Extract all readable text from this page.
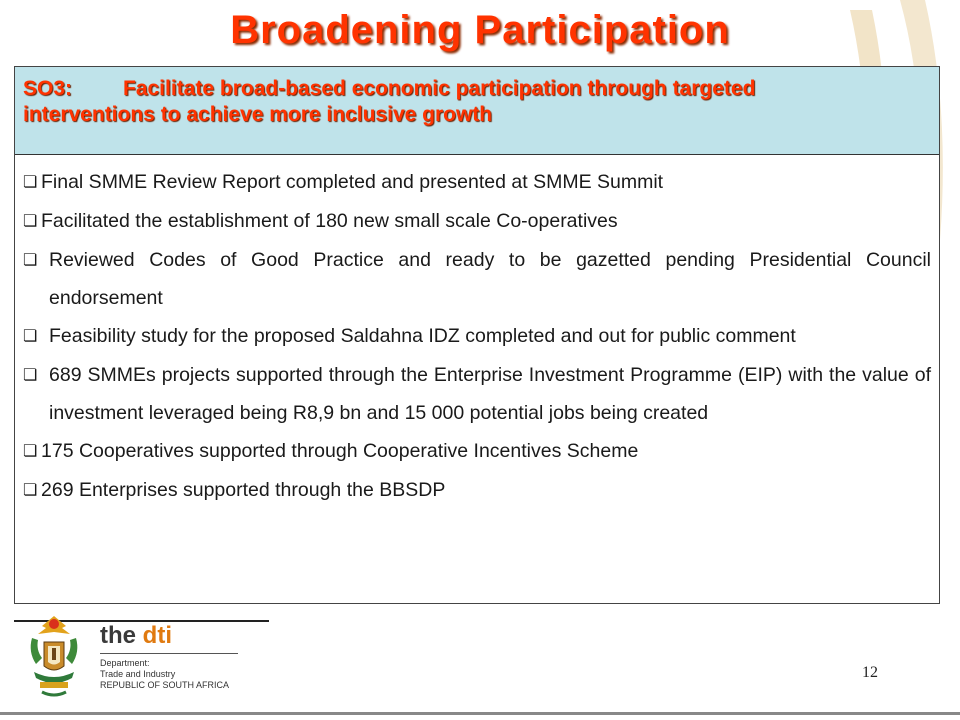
Broadening Participation
SO3: Facilitate broad-based economic participation through targeted
interventions to achieve more inclusive growth
❏ Final SMME Review Report completed and presented at SMME Summit
❏ Facilitated the establishment of 180 new small scale Co-operatives
❏ Reviewed Codes of Good Practice and ready to be gazetted pending Presidential Council endorsement
❏ Feasibility study for the proposed Saldahna IDZ completed and out for public comment
❏ 689 SMMEs projects supported through the Enterprise Investment Programme (EIP) with the value of investment leveraged being R8,9 bn and 15 000 potential jobs being created
❏ 175 Cooperatives supported through Cooperative Incentives Scheme
❏ 269 Enterprises supported through the BBSDP
the dti
Department:
Trade and Industry
REPUBLIC OF SOUTH AFRICA
12
